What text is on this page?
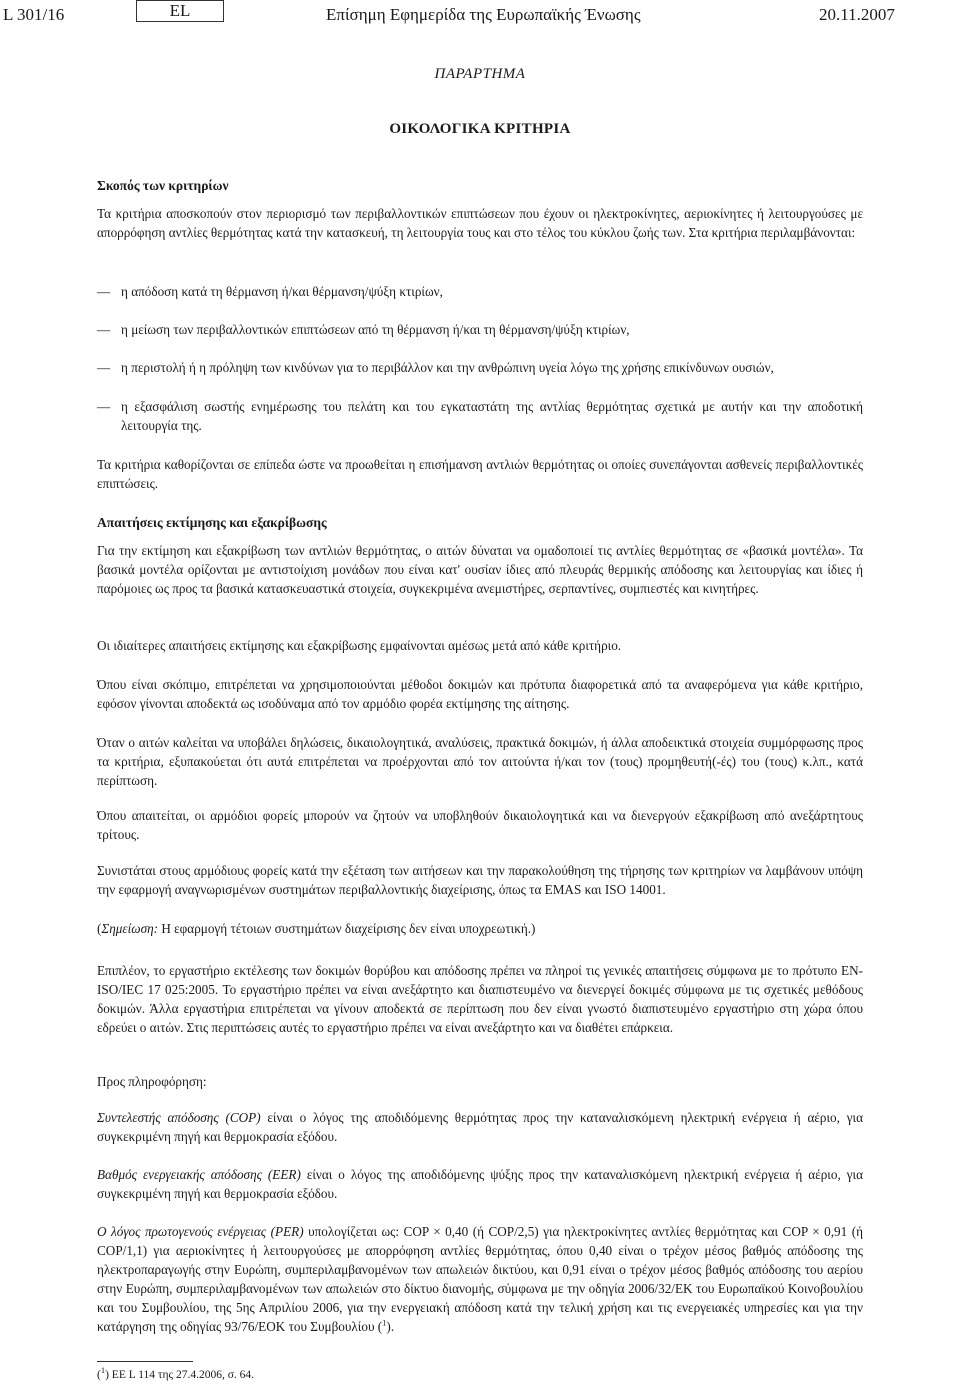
L 301/16	EL	Επίσημη Εφημερίδα της Ευρωπαϊκής Ένωσης	20.11.2007
ΠΑΡΑΡΤΗΜΑ
ΟΙΚΟΛΟΓΙΚΑ ΚΡΙΤΗΡΙΑ

Σκοπός των κριτηρίων

Τα κριτήρια αποσκοπούν στον περιορισμό των περιβαλλοντικών επιπτώσεων που έχουν οι ηλεκτροκίνητες, αεριοκίνητες ή λειτουργούσες με απορρόφηση αντλίες θερμότητας κατά την κατασκευή, τη λειτουργία τους και στο τέλος του κύκλου ζωής των. Στα κριτήρια περιλαμβάνονται:

— η απόδοση κατά τη θέρμανση ή/και θέρμανση/ψύξη κτιρίων,

— η μείωση των περιβαλλοντικών επιπτώσεων από τη θέρμανση ή/και τη θέρμανση/ψύξη κτιρίων,

— η περιστολή ή η πρόληψη των κινδύνων για το περιβάλλον και την ανθρώπινη υγεία λόγω της χρήσης επικίνδυνων ουσιών,

— η εξασφάλιση σωστής ενημέρωσης του πελάτη και του εγκαταστάτη της αντλίας θερμότητας σχετικά με αυτήν και την αποδοτική λειτουργία της.

Τα κριτήρια καθορίζονται σε επίπεδα ώστε να προωθείται η επισήμανση αντλιών θερμότητας οι οποίες συνεπάγονται ασθενείς περιβαλλοντικές επιπτώσεις.

Απαιτήσεις εκτίμησης και εξακρίβωσης

Για την εκτίμηση και εξακρίβωση των αντλιών θερμότητας, ο αιτών δύναται να ομαδοποιεί τις αντλίες θερμότητας σε «βασικά μοντέλα». Τα βασικά μοντέλα ορίζονται με αντιστοίχιση μονάδων που είναι κατ' ουσίαν ίδιες από πλευράς θερμικής απόδοσης και λειτουργίας και ίδιες ή παρόμοιες ως προς τα βασικά κατασκευαστικά στοιχεία, συγκεκριμένα ανεμιστήρες, σερπαντίνες, συμπιεστές και κινητήρες.

Οι ιδιαίτερες απαιτήσεις εκτίμησης και εξακρίβωσης εμφαίνονται αμέσως μετά από κάθε κριτήριο.

Όπου είναι σκόπιμο, επιτρέπεται να χρησιμοποιούνται μέθοδοι δοκιμών και πρότυπα διαφορετικά από τα αναφερόμενα για κάθε κριτήριο, εφόσον γίνονται αποδεκτά ως ισοδύναμα από τον αρμόδιο φορέα εκτίμησης της αίτησης.

Όταν ο αιτών καλείται να υποβάλει δηλώσεις, δικαιολογητικά, αναλύσεις, πρακτικά δοκιμών, ή άλλα αποδεικτικά στοιχεία συμμόρφωσης προς τα κριτήρια, εξυπακούεται ότι αυτά επιτρέπεται να προέρχονται από τον αιτούντα ή/και τον (τους) προμηθευτή(-ές) του (τους) κ.λπ., κατά περίπτωση.

Όπου απαιτείται, οι αρμόδιοι φορείς μπορούν να ζητούν να υποβληθούν δικαιολογητικά και να διενεργούν εξακρίβωση από ανεξάρτητους τρίτους.

Συνιστάται στους αρμόδιους φορείς κατά την εξέταση των αιτήσεων και την παρακολούθηση της τήρησης των κριτηρίων να λαμβάνουν υπόψη την εφαρμογή αναγνωρισμένων συστημάτων περιβαλλοντικής διαχείρισης, όπως τα EMAS και ISO 14001.

(Σημείωση: Η εφαρμογή τέτοιων συστημάτων διαχείρισης δεν είναι υποχρεωτική.)

Επιπλέον, το εργαστήριο εκτέλεσης των δοκιμών θορύβου και απόδοσης πρέπει να πληροί τις γενικές απαιτήσεις σύμφωνα με το πρότυπο EN-ISO/IEC 17 025:2005. Το εργαστήριο πρέπει να είναι ανεξάρτητο και διαπιστευμένο να διενεργεί δοκιμές σύμφωνα με τις σχετικές μεθόδους δοκιμών. Άλλα εργαστήρια επιτρέπεται να γίνουν αποδεκτά σε περίπτωση που δεν είναι γνωστό διαπιστευμένο εργαστήριο στη χώρα όπου εδρεύει ο αιτών. Στις περιπτώσεις αυτές το εργαστήριο πρέπει να είναι ανεξάρτητο και να διαθέτει επάρκεια.

Προς πληροφόρηση:

Συντελεστής απόδοσης (COP) είναι ο λόγος της αποδιδόμενης θερμότητας προς την καταναλισκόμενη ηλεκτρική ενέργεια ή αέριο, για συγκεκριμένη πηγή και θερμοκρασία εξόδου.

Βαθμός ενεργειακής απόδοσης (EER) είναι ο λόγος της αποδιδόμενης ψύξης προς την καταναλισκόμενη ηλεκτρική ενέργεια ή αέριο, για συγκεκριμένη πηγή και θερμοκρασία εξόδου.

Ο λόγος πρωτογενούς ενέργειας (PER) υπολογίζεται ως: COP × 0,40 (ή COP/2,5) για ηλεκτροκίνητες αντλίες θερμότητας και COP × 0,91 (ή COP/1,1) για αεριοκίνητες ή λειτουργούσες με απορρόφηση αντλίες θερμότητας, όπου 0,40 είναι ο τρέχον μέσος βαθμός απόδοσης της ηλεκτροπαραγωγής στην Ευρώπη, συμπεριλαμβανομένων των απωλειών δικτύου, και 0,91 είναι ο τρέχον μέσος βαθμός απόδοσης του αερίου στην Ευρώπη, συμπεριλαμβανομένων των απωλειών στο δίκτυο διανομής, σύμφωνα με την οδηγία 2006/32/ΕΚ του Ευρωπαϊκού Κοινοβουλίου και του Συμβουλίου, της 5ης Απριλίου 2006, για την ενεργειακή απόδοση κατά την τελική χρήση και τις ενεργειακές υπηρεσίες και για την κατάργηση της οδηγίας 93/76/ΕΟΚ του Συμβουλίου ($^1$).

($^1$) ΕΕ L 114 της 27.4.2006, σ. 64.
